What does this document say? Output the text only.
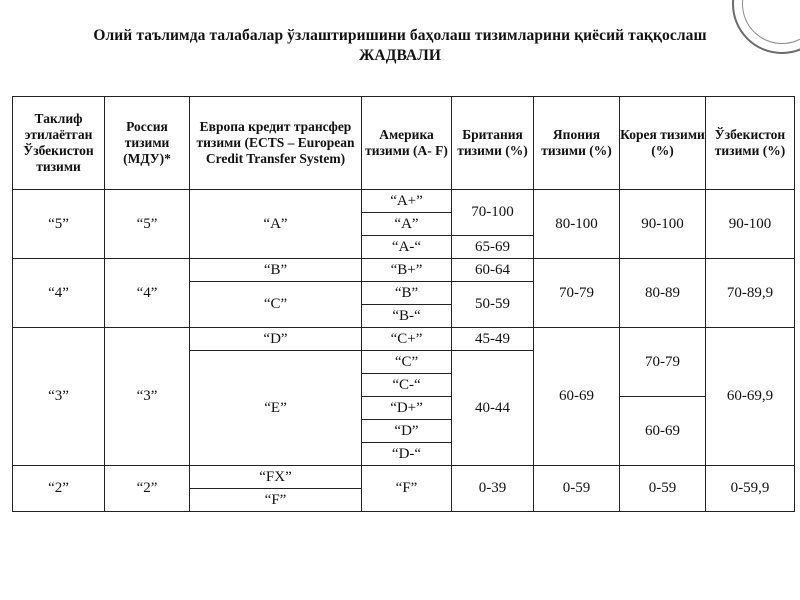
Олий таълимда талабалар ўзлаштиришини баҳолаш тизимларини қиёсий таққослаш
ЖАДВАЛИ
Таклиф этилаётган Ўзбекистон тизими	Россия тизими (МДУ)*	Европа кредит трансфер тизими (ECTS – European Credit Transfer System)	Америка тизими (A- F)	Британия тизими (%)	Япония тизими (%)	Корея тизими (%)	Ўзбекистон тизими (%)
“5”	“5”	“A”	“A+”	70-100	80-100	90-100	90-100
			“A”				
			“A-“	65-69			
“4”	“4”	“B”	“B+”	60-64	70-79	80-89	70-89,9
		“C”	“B”	50-59			
			“B-“				
“3”	“3”	“D”	“C+”	45-49	60-69	70-79	60-69,9

		“E”	“C”	40-44			
			“C-“				
			“D+”			60-69	
			“D”				
			“D-“				
“2”	“2”	“FX”	“F”	0-39	0-59	0-59	0-59,9
		“F”					
